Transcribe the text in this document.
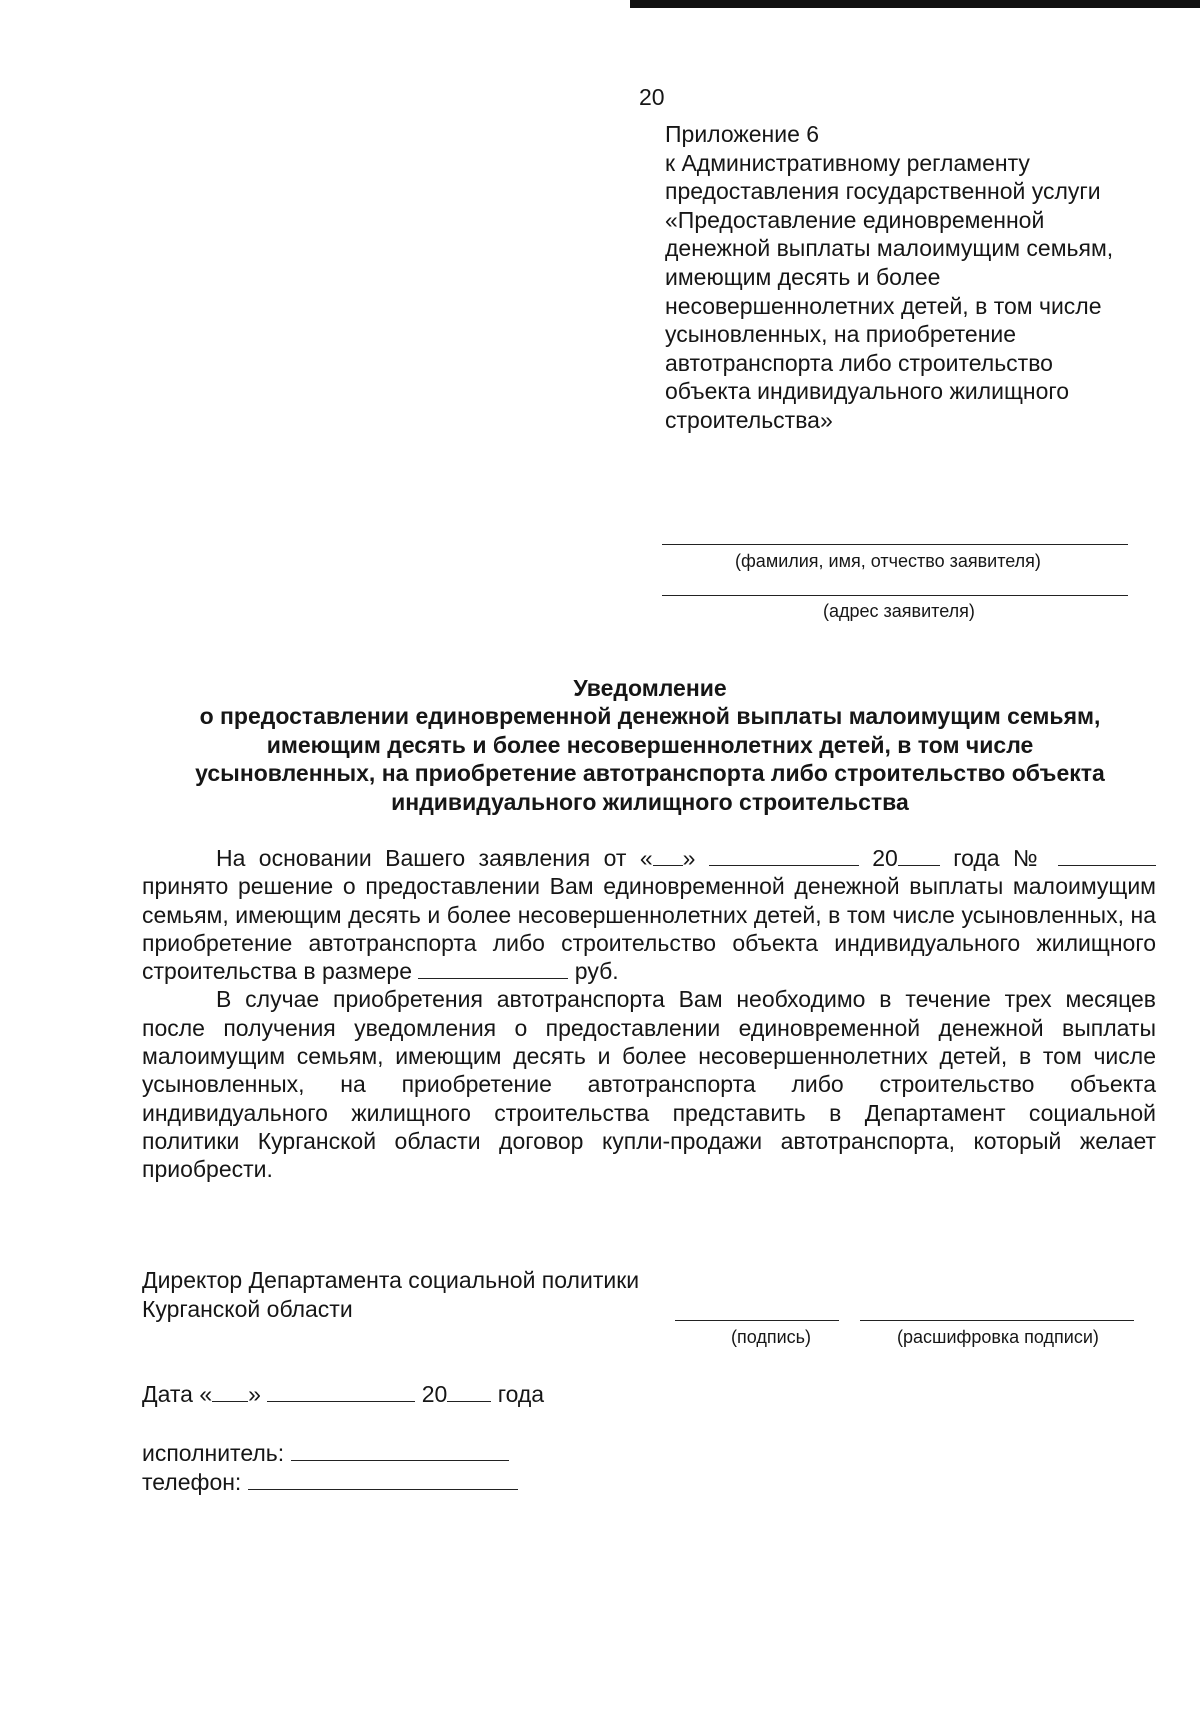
20
Приложение 6
к Административному регламенту
предоставления государственной услуги
«Предоставление единовременной
денежной выплаты малоимущим семьям,
имеющим десять и более
несовершеннолетних детей, в том числе
усыновленных, на приобретение
автотранспорта либо строительство
объекта индивидуального жилищного
строительства»
(фамилия, имя, отчество заявителя)
(адрес заявителя)
Уведомление
о предоставлении единовременной денежной выплаты малоимущим семьям,
имеющим десять и более несовершеннолетних детей, в том числе
усыновленных, на приобретение автотранспорта либо строительство объекта
индивидуального жилищного строительства

На основании Вашего заявления от « »	20 года №  принято решение о предоставлении Вам единовременной денежной выплаты малоимущим семьям, имеющим десять и более несовершеннолетних детей, в том числе усыновленных, на приобретение автотранспорта либо строительство объекта индивидуального жилищного строительства в размере	руб.

В случае приобретения автотранспорта Вам необходимо в течение трех месяцев после получения уведомления о предоставлении единовременной денежной выплаты малоимущим семьям, имеющим десять и более несовершеннолетних детей, в том числе усыновленных, на приобретение автотранспорта либо строительство объекта индивидуального жилищного строительства представить в Департамент социальной политики Курганской области договор купли-продажи автотранспорта, который желает приобрести.

Директор Департамента социальной политики
Курганской области
(подпись)	(расшифровка подписи)
Дата « »	20 года
исполнитель:
телефон:
